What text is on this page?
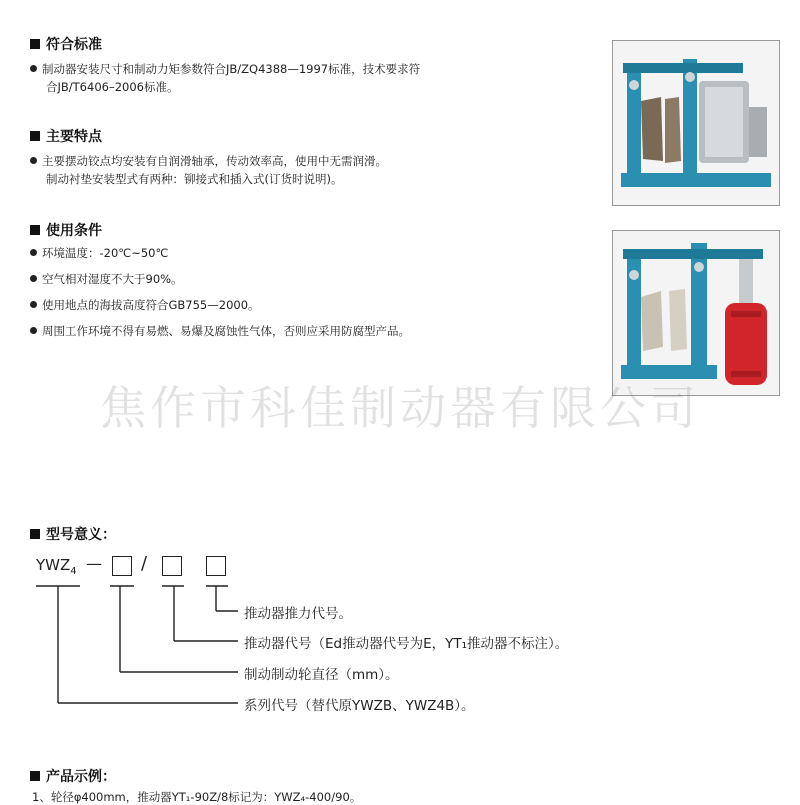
符合标准
制动器安装尺寸和制动力矩参数符合JB/ZQ4388—1997标准，技术要求符
合JB/T6406–2006标准。
主要特点
主要摆动铰点均安装有自润滑轴承，传动效率高，使用中无需润滑。
制动衬垫安装型式有两种：铆接式和插入式(订货时说明)。
使用条件
环境温度：-20℃~50℃
空气相对湿度不大于90%。
使用地点的海拔高度符合GB755—2000。
周围工作环境不得有易燃、易爆及腐蚀性气体，否则应采用防腐型产品。
焦作市科佳制动器有限公司
型号意义：
$YWZ_4$ — /
推动器推力代号。
推动器代号（Ed推动器代号为E，YT₁推动器不标注）。
制动制动轮直径（mm）。
系列代号（替代原YWZB、YWZ4B）。
产品示例：
1、轮径φ400mm，推动器YT₁-90Z/8标记为：YWZ₄-400/90。
